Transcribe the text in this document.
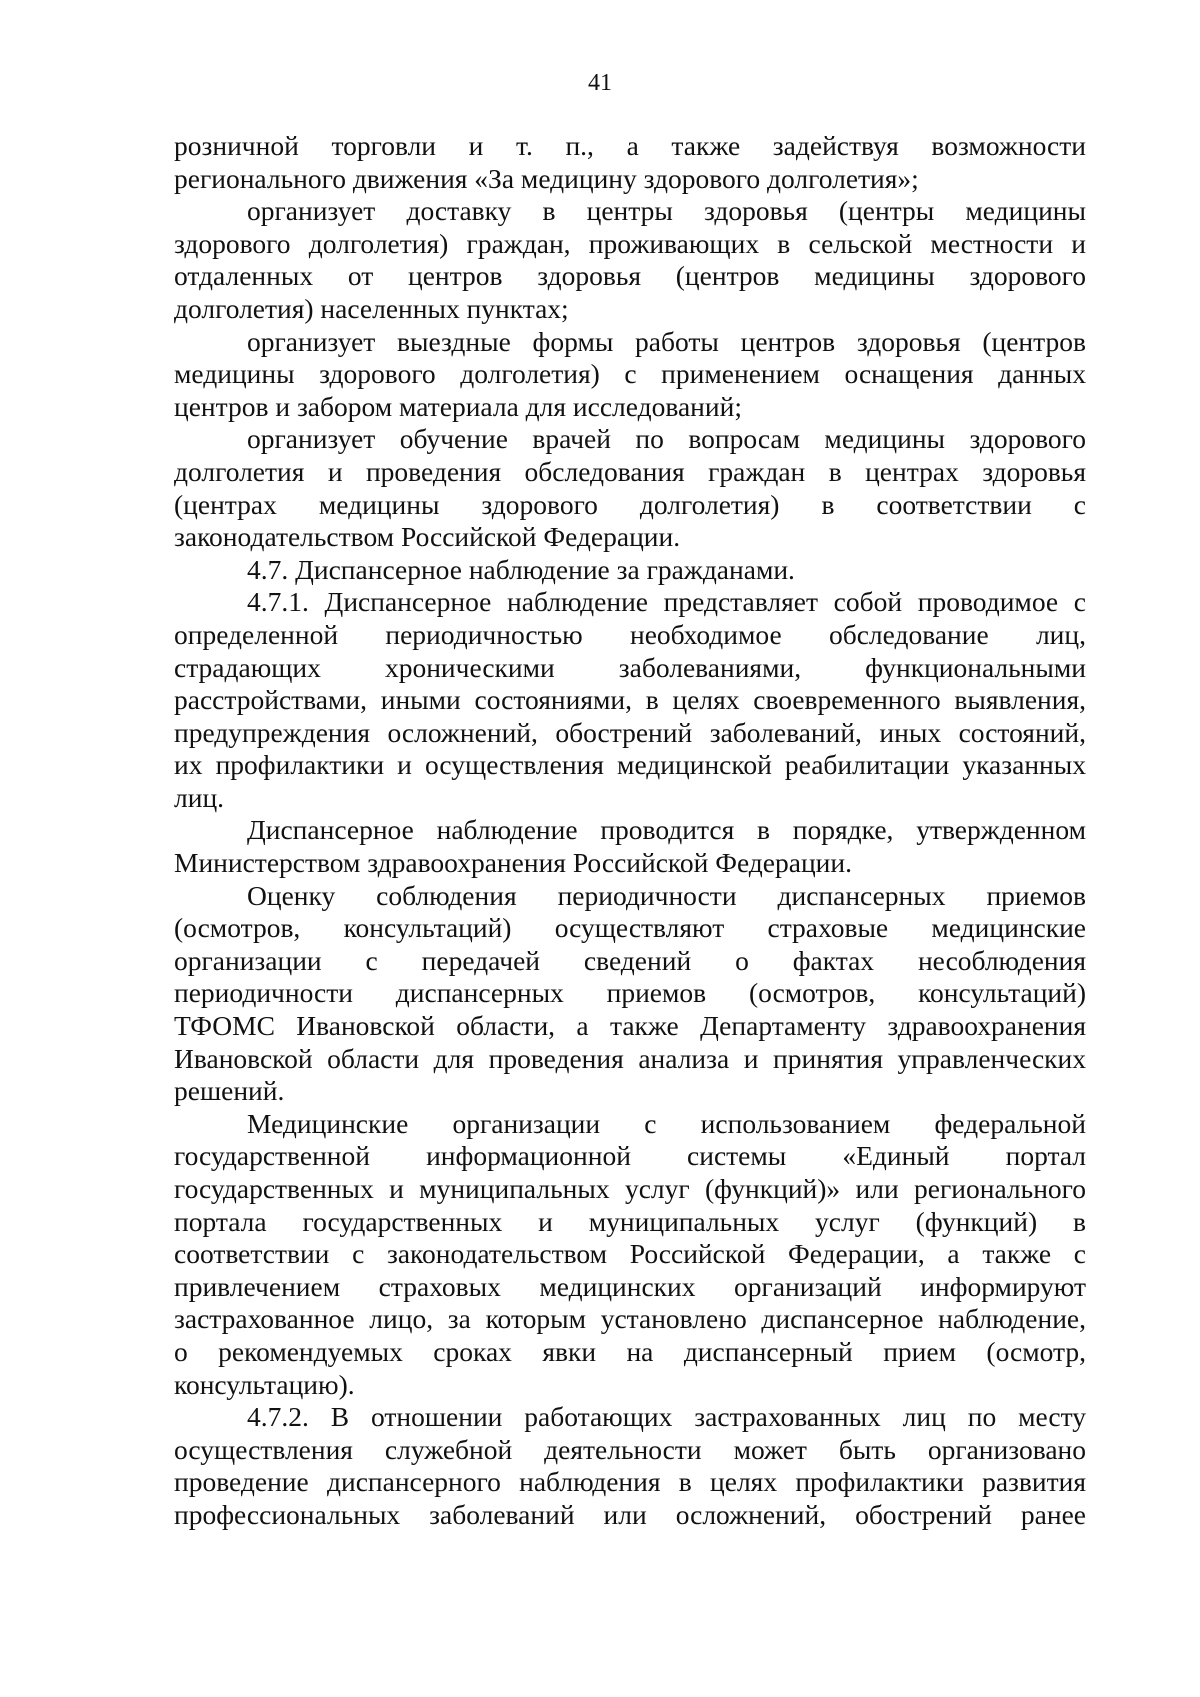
41
розничной торговли и т. п., а также задействуя возможности
регионального движения «За медицину здорового долголетия»;
организует доставку в центры здоровья (центры медицины
здорового долголетия) граждан, проживающих в сельской местности и
отдаленных от центров здоровья (центров медицины здорового
долголетия) населенных пунктах;
организует выездные формы работы центров здоровья (центров
медицины здорового долголетия) с применением оснащения данных
центров и забором материала для исследований;
организует обучение врачей по вопросам медицины здорового
долголетия и проведения обследования граждан в центрах здоровья
(центрах медицины здорового долголетия) в соответствии с
законодательством Российской Федерации.
4.7. Диспансерное наблюдение за гражданами.
4.7.1. Диспансерное наблюдение представляет собой проводимое с
определенной периодичностью необходимое обследование лиц,
страдающих хроническими заболеваниями, функциональными
расстройствами, иными состояниями, в целях своевременного выявления,
предупреждения осложнений, обострений заболеваний, иных состояний,
их профилактики и осуществления медицинской реабилитации указанных
лиц.
Диспансерное наблюдение проводится в порядке, утвержденном
Министерством здравоохранения Российской Федерации.
Оценку соблюдения периодичности диспансерных приемов
(осмотров, консультаций) осуществляют страховые медицинские
организации с передачей сведений о фактах несоблюдения
периодичности диспансерных приемов (осмотров, консультаций)
ТФОМС Ивановской области, а также Департаменту здравоохранения
Ивановской области для проведения анализа и принятия управленческих
решений.
Медицинские организации с использованием федеральной
государственной информационной системы «Единый портал
государственных и муниципальных услуг (функций)» или регионального
портала государственных и муниципальных услуг (функций) в
соответствии с законодательством Российской Федерации, а также с
привлечением страховых медицинских организаций информируют
застрахованное лицо, за которым установлено диспансерное наблюдение,
о рекомендуемых сроках явки на диспансерный прием (осмотр,
консультацию).
4.7.2. В отношении работающих застрахованных лиц по месту
осуществления служебной деятельности может быть организовано
проведение диспансерного наблюдения в целях профилактики развития
профессиональных заболеваний или осложнений, обострений ранее
